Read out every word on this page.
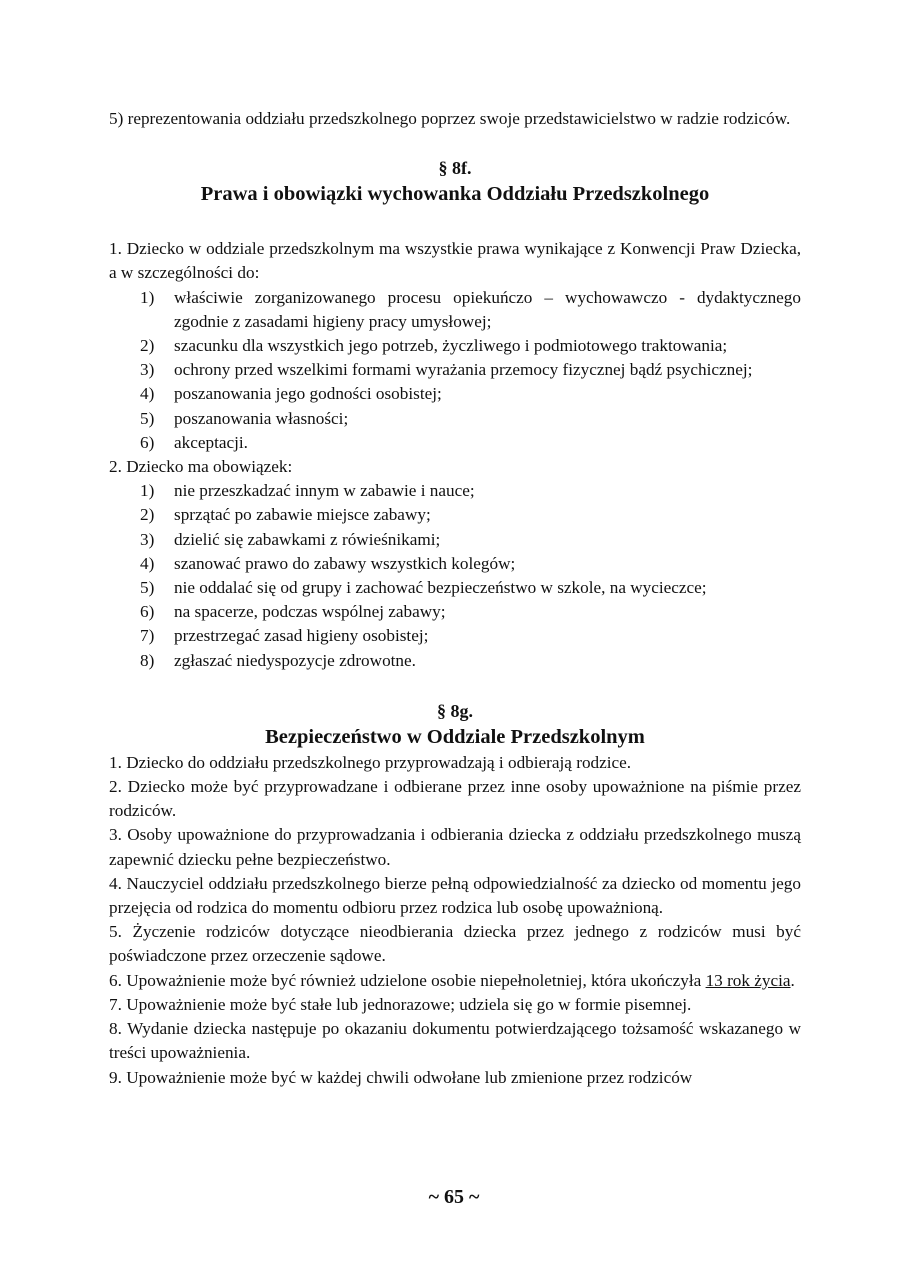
5) reprezentowania oddziału przedszkolnego poprzez swoje przedstawicielstwo w radzie rodziców.

§ 8f.

Prawa i obowiązki wychowanka Oddziału Przedszkolnego

1. Dziecko w oddziale przedszkolnym ma wszystkie prawa wynikające z Konwencji Praw Dziecka, a w szczególności do:

1)	właściwie zorganizowanego procesu opiekuńczo – wychowawczo - dydaktycznego zgodnie z zasadami higieny pracy umysłowej;
2)	szacunku dla wszystkich jego potrzeb, życzliwego i podmiotowego traktowania;
3)	ochrony przed wszelkimi formami wyrażania przemocy fizycznej bądź psychicznej;
4)	poszanowania jego godności osobistej;
5)	poszanowania własności;
6)	akceptacji.

2. Dziecko ma obowiązek:

1)	nie przeszkadzać innym w zabawie i nauce;
2)	sprzątać po zabawie miejsce zabawy;
3)	dzielić się zabawkami z rówieśnikami;
4)	szanować prawo do zabawy wszystkich kolegów;
5)	nie oddalać się od grupy i zachować bezpieczeństwo w szkole, na wycieczce;
6)	na spacerze, podczas wspólnej zabawy;
7)	przestrzegać zasad higieny osobistej;
8)	zgłaszać niedyspozycje zdrowotne.

§ 8g.

Bezpieczeństwo w Oddziale Przedszkolnym

1. Dziecko do oddziału przedszkolnego przyprowadzają i odbierają rodzice.

2. Dziecko może być przyprowadzane i odbierane przez inne osoby upoważnione na piśmie przez rodziców.

3. Osoby upoważnione do przyprowadzania i odbierania dziecka z oddziału przedszkolnego muszą zapewnić dziecku pełne bezpieczeństwo.

4. Nauczyciel oddziału przedszkolnego bierze pełną odpowiedzialność za dziecko od momentu jego przejęcia od rodzica do momentu odbioru przez rodzica lub osobę upoważnioną.

5. Życzenie rodziców dotyczące nieodbierania dziecka przez jednego z rodziców musi być poświadczone przez orzeczenie sądowe.

6. Upoważnienie może być również udzielone osobie niepełnoletniej, która ukończyła 13 rok życia.

7. Upoważnienie może być stałe lub jednorazowe; udziela się go w formie pisemnej.

8. Wydanie dziecka następuje po okazaniu dokumentu potwierdzającego tożsamość wskazanego w treści upoważnienia.

9. Upoważnienie może być w każdej chwili odwołane lub zmienione przez rodziców

~ 65 ~
